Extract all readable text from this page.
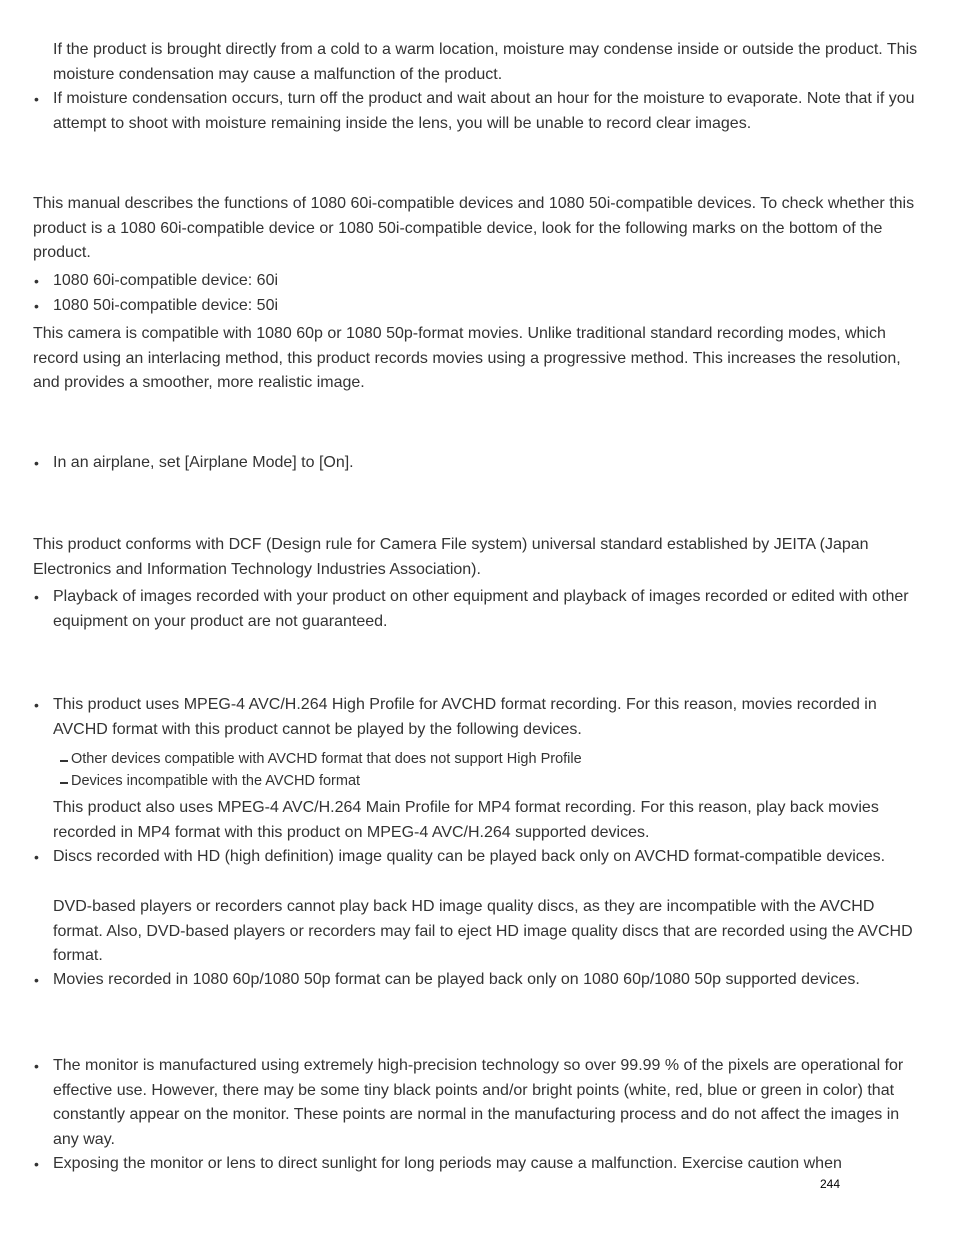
If the product is brought directly from a cold to a warm location, moisture may condense inside or outside the product. This moisture condensation may cause a malfunction of the product.

• If moisture condensation occurs, turn off the product and wait about an hour for the moisture to evaporate. Note that if you attempt to shoot with moisture remaining inside the lens, you will be unable to record clear images.

This manual describes the functions of 1080 60i-compatible devices and 1080 50i-compatible devices. To check whether this product is a 1080 60i-compatible device or 1080 50i-compatible device, look for the following marks on the bottom of the product.

• 1080 60i-compatible device: 60i
• 1080 50i-compatible device: 50i

This camera is compatible with 1080 60p or 1080 50p-format movies. Unlike traditional standard recording modes, which record using an interlacing method, this product records movies using a progressive method. This increases the resolution, and provides a smoother, more realistic image.

• In an airplane, set [Airplane Mode] to [On].

This product conforms with DCF (Design rule for Camera File system) universal standard established by JEITA (Japan Electronics and Information Technology Industries Association).

• Playback of images recorded with your product on other equipment and playback of images recorded or edited with other equipment on your product are not guaranteed.
• This product uses MPEG-4 AVC/H.264 High Profile for AVCHD format recording. For this reason, movies recorded in AVCHD format with this product cannot be played by the following devices.
Other devices compatible with AVCHD format that does not support High Profile
Devices incompatible with the AVCHD format

This product also uses MPEG-4 AVC/H.264 Main Profile for MP4 format recording. For this reason, play back movies recorded in MP4 format with this product on MPEG-4 AVC/H.264 supported devices.

• Discs recorded with HD (high definition) image quality can be played back only on AVCHD format-compatible devices.

DVD-based players or recorders cannot play back HD image quality discs, as they are incompatible with the AVCHD format. Also, DVD-based players or recorders may fail to eject HD image quality discs that are recorded using the AVCHD format.

• Movies recorded in 1080 60p/1080 50p format can be played back only on 1080 60p/1080 50p supported devices.
• The monitor is manufactured using extremely high-precision technology so over 99.99 % of the pixels are operational for effective use. However, there may be some tiny black points and/or bright points (white, red, blue or green in color) that constantly appear on the monitor. These points are normal in the manufacturing process and do not affect the images in any way.
• Exposing the monitor or lens to direct sunlight for long periods may cause a malfunction. Exercise caution when
244
